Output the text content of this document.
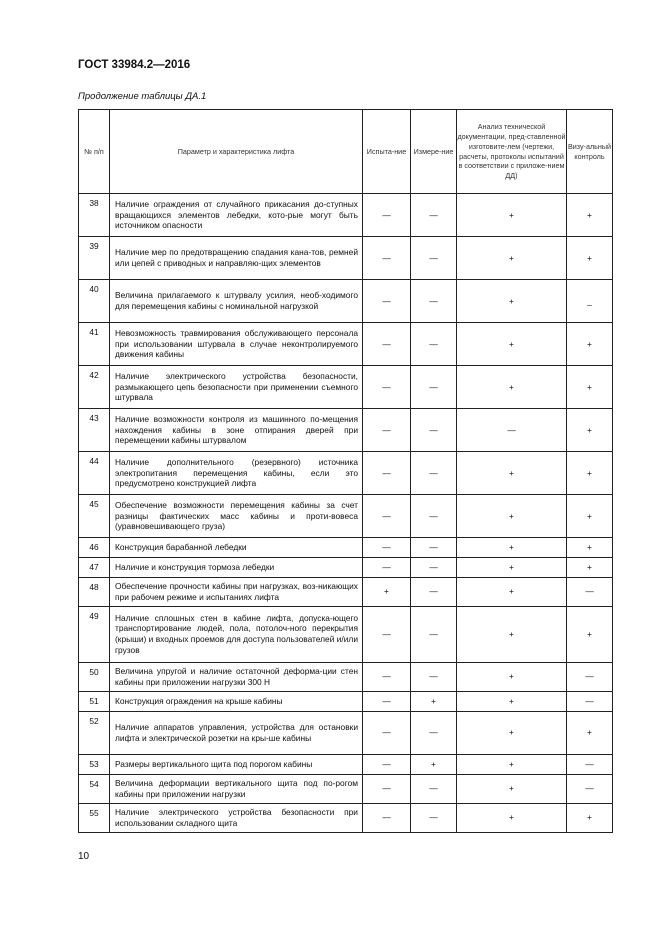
ГОСТ 33984.2—2016
Продолжение таблицы ДА.1
№ п/п	Параметр и характеристика лифта	Испыта-ние	Измере-ние	Анализ технической документации, пред-ставленной изготовите-лем (чертежи, расчеты, протоколы испытаний в соответствии с приложе-нием ДД)	Визу-альный контроль
38	Наличие ограждения от случайного прикасания до-ступных вращающихся элементов лебедки, кото-рые могут быть источником опасности	—	—	+	+
39	Наличие мер по предотвращению спадания кана-тов, ремней или цепей с приводных и направляю-щих элементов	—	—	+	+
40	Величина прилагаемого к штурвалу усилия, необ-ходимого для перемещения кабины с номинальной нагрузкой	—	—	+	_
41	Невозможность травмирования обслуживающего персонала при использовании штурвала в случае неконтролируемого движения кабины	—	—	+	+
42	Наличие электрического устройства безопасности, размыкающего цепь безопасности при применении съемного штурвала	—	—	+	+
43	Наличие возможности контроля из машинного по-мещения нахождения кабины в зоне отпирания дверей при перемещении кабины штурвалом	—	—	—	+
44	Наличие дополнительного (резервного) источника электропитания перемещения кабины, если это предусмотрено конструкцией лифта	—	—	+	+
45	Обеспечение возможности перемещения кабины за счет разницы фактических масс кабины и проти-вовеса (уравновешивающего груза)	—	—	+	+
46	Конструкция барабанной лебедки	—	—	+	+
47	Наличие и конструкция тормоза лебедки	—	—	+	+
48	Обеспечение прочности кабины при нагрузках, воз-никающих при рабочем режиме и испытаниях лифта	+	—	+	—
49	Наличие сплошных стен в кабине лифта, допуска-ющего транспортирование людей, пола, потолоч-ного перекрытия (крыши) и входных проемов для доступа пользователей и/или грузов	—	—	+	+
50	Величина упругой и наличие остаточной деформа-ции стен кабины при приложении нагрузки 300 Н	—	—	+	—
51	Конструкция ограждения на крыше кабины	—	+	+	—
52	Наличие аппаратов управления, устройства для остановки лифта и электрической розетки на кры-ше кабины	—	—	+	+
53	Размеры вертикального щита под порогом кабины	—	+	+	—
54	Величина деформации вертикального щита под по-рогом кабины при приложении нагрузки	—	—	+	—
55	Наличие электрического устройства безопасности при использовании складного щита	—	—	+	+
10
